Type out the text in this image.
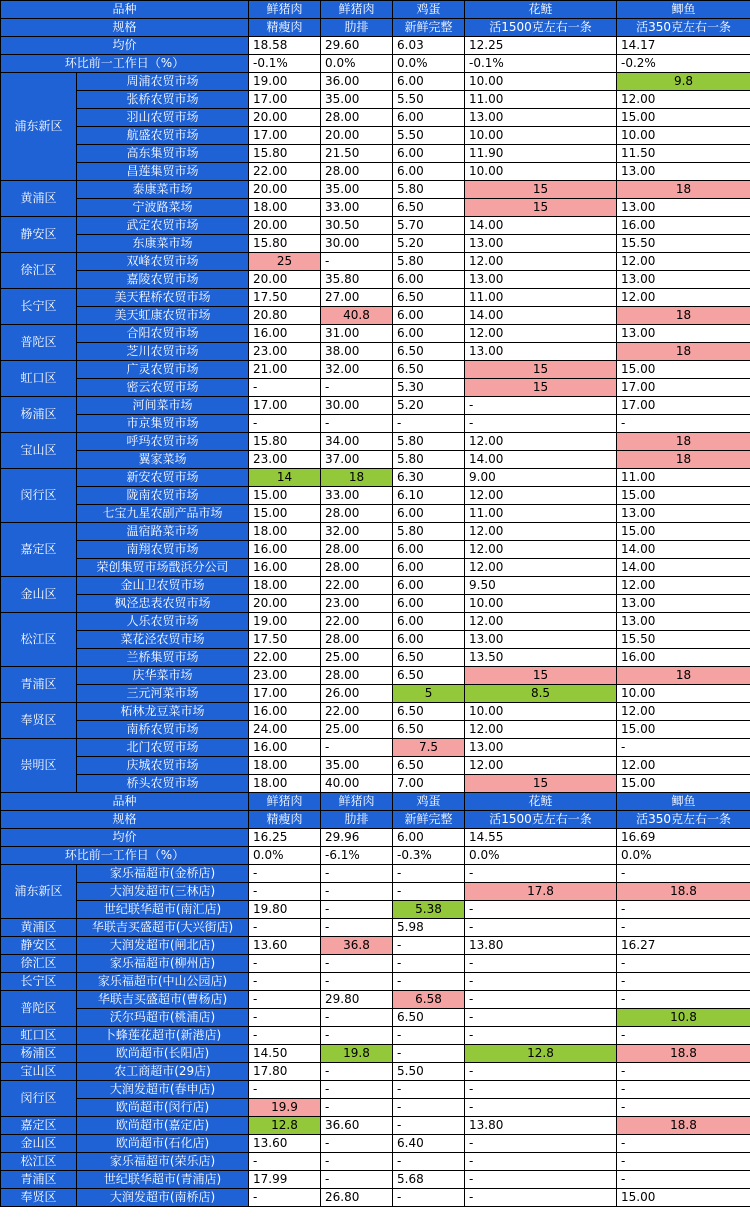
品种		鲜猪肉	鲜猪肉	鸡蛋	花鲢	鲫鱼
规格		精瘦肉	肋排	新鲜完整	活1500克左右一条	活350克左右一条
均价		18.58	29.60	6.03	12.25	14.17
环比前一工作日（%）		-0.1%	0.0%	0.0%	-0.1%	-0.2%
浦东新区	周浦农贸市场	19.00	36.00	6.00	10.00	9.8
	张桥农贸市场	17.00	35.00	5.50	11.00	12.00
	羽山农贸市场	20.00	28.00	6.00	13.00	15.00
	航盛农贸市场	17.00	20.00	5.50	10.00	10.00
	高东集贸市场	15.80	21.50	6.00	11.90	11.50
	昌莲集贸市场	22.00	28.00	6.00	10.00	13.00
黄浦区	泰康菜市场	20.00	35.00	5.80	15	18
	宁波路菜场	18.00	33.00	6.50	15	13.00
静安区	武定农贸市场	20.00	30.50	5.70	14.00	16.00
	东康菜市场	15.80	30.00	5.20	13.00	15.50
徐汇区	双峰农贸市场	25	-	5.80	12.00	12.00
	嘉陵农贸市场	20.00	35.80	6.00	13.00	13.00
长宁区	美天程桥农贸市场	17.50	27.00	6.50	11.00	12.00
	美天虹康农贸市场	20.80	40.8	6.00	14.00	18
普陀区	合阳农贸市场	16.00	31.00	6.00	12.00	13.00
	芝川农贸市场	23.00	38.00	6.50	13.00	18
虹口区	广灵农贸市场	21.00	32.00	6.50	15	15.00
	密云农贸市场	-	-	5.30	15	17.00
杨浦区	河间菜市场	17.00	30.00	5.20	-	17.00
	市京集贸市场	-	-	-	-	-
宝山区	呼玛农贸市场	15.80	34.00	5.80	12.00	18
	翼家菜场	23.00	37.00	5.80	14.00	18
闵行区	新安农贸市场	14	18	6.30	9.00	11.00
	陇南农贸市场	15.00	33.00	6.10	12.00	15.00
	七宝九星农副产品市场	15.00	28.00	6.00	11.00	13.00
嘉定区	温宿路菜市场	18.00	32.00	5.80	12.00	15.00
	南翔农贸市场	16.00	28.00	6.00	12.00	14.00
	荣创集贸市场戬浜分公司	16.00	28.00	6.00	12.00	14.00
金山区	金山卫农贸市场	18.00	22.00	6.00	9.50	12.00
	枫泾忠表农贸市场	20.00	23.00	6.00	10.00	13.00
松江区	人乐农贸市场	19.00	22.00	6.00	12.00	13.00
	菜花泾农贸市场	17.50	28.00	6.00	13.00	15.50
	兰桥集贸市场	22.00	25.00	6.50	13.50	16.00
青浦区	庆华菜市场	23.00	28.00	6.50	15	18
	三元河菜市场	17.00	26.00	5	8.5	10.00
奉贤区	柘林龙豆菜市场	16.00	22.00	6.50	10.00	12.00
	南桥农贸市场	24.00	25.00	6.50	12.00	15.00
崇明区	北门农贸市场	16.00	-	7.5	13.00	-
	庆城农贸市场	18.00	35.00	6.50	12.00	12.00
	桥头农贸市场	18.00	40.00	7.00	15	15.00
品种		鲜猪肉	鲜猪肉	鸡蛋	花鲢	鲫鱼
规格		精瘦肉	肋排	新鲜完整	活1500克左右一条	活350克左右一条
均价		16.25	29.96	6.00	14.55	16.69
环比前一工作日（%）		0.0%	-6.1%	-0.3%	0.0%	0.0%
浦东新区	家乐福超市(金桥店)	-	-	-	-	-
	大润发超市(三林店)	-	-	-	17.8	18.8
	世纪联华超市(南汇店)	19.80	-	5.38	-	-
黄浦区	华联吉买盛超市(大兴街店)	-	-	5.98	-	-
静安区	大润发超市(闸北店)	13.60	36.8	-	13.80	16.27
徐汇区	家乐福超市(柳州店)	-	-	-	-	-
长宁区	家乐福超市(中山公园店)	-	-	-	-	-
普陀区	华联吉买盛超市(曹杨店)	-	29.80	6.58	-	-
	沃尔玛超市(桃浦店)	-	-	6.50	-	10.8
虹口区	卜蜂莲花超市(新港店)	-	-	-	-	-
杨浦区	欧尚超市(长阳店)	14.50	19.8	-	12.8	18.8
宝山区	农工商超市(29店)	17.80	-	5.50	-	-
闵行区	大润发超市(春申店)	-	-	-	-	-
	欧尚超市(闵行店)	19.9	-	-	-	-
嘉定区	欧尚超市(嘉定店)	12.8	36.60	-	13.80	18.8
金山区	欧尚超市(石化店)	13.60	-	6.40	-	-
松江区	家乐福超市(荣乐店)	-	-	-	-	-
青浦区	世纪联华超市(青浦店)	17.99	-	5.68	-	-
奉贤区	大润发超市(南桥店)	-	26.80	-	-	15.00
